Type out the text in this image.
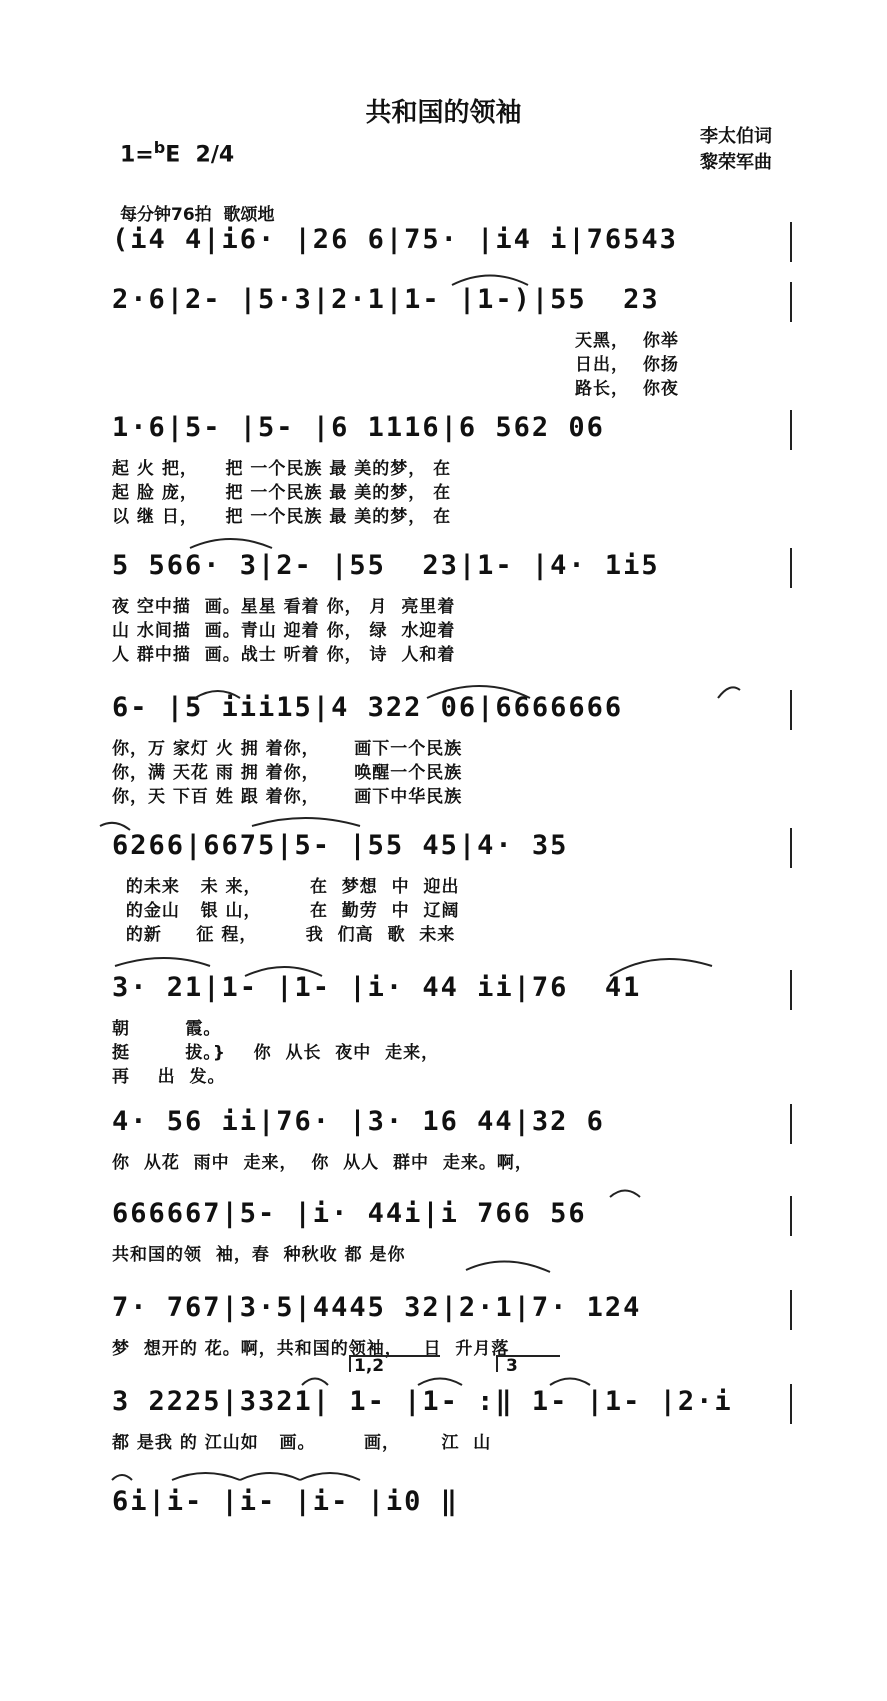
共和国的领袖
1=$^b$E  2/4
李太伯词
黎荣军曲
每分钟76拍  歌颂地
(i4 4|i6· |26 6|75· |i4 i|76543
2·6|2- |5·3|2·1|1- |1-)|55  23
天黑，  你举
日出，  你扬
路长，  你夜
1·6|5- |5- |6 1116|6 562 06
起 火 把，    把 一个民族 最 美的梦， 在
起 脸 庞，    把 一个民族 最 美的梦， 在
以 继 日，    把 一个民族 最 美的梦， 在
5 566· 3|2- |55  23|1- |4· 1i5
夜 空中描  画。星星 看着 你， 月  亮里着
山 水间描  画。青山 迎着 你， 绿  水迎着
人 群中描  画。战士 听着 你， 诗  人和着
6- |5 iii15|4 322 06|6666666
你，万 家灯 火 拥 着你，     画下一个民族
你，满 天花 雨 拥 着你，     唤醒一个民族
你，天 下百 姓 跟 着你，     画下中华民族
6266|6675|5- |55 45|4· 35
的未来   未 来，       在  梦想  中  迎出
的金山   银 山，       在  勤劳  中  辽阔
的新     征 程，       我  们高  歌  未来
3· 21|1- |1- |i· 44 ii|76  41
朝        霞。
挺        拔。}    你  从长  夜中  走来，
再    出  发。
4· 56 ii|76· |3· 16 44|32 6
你  从花  雨中  走来，  你  从人  群中  走来。啊，
666667|5- |i· 44i|i 766 56
共和国的领  袖，春  种秋收 都 是你
7· 767|3·5|4445 32|2·1|7· 124
梦  想开的 花。啊，共和国的领袖，   日  升月落
3 2225|3321| 1- |1- :‖ 1- |1- |2·i
都 是我 的 江山如   画。       画，      江  山
6i|i- |i- |i- |i0 ‖
1,2	3
